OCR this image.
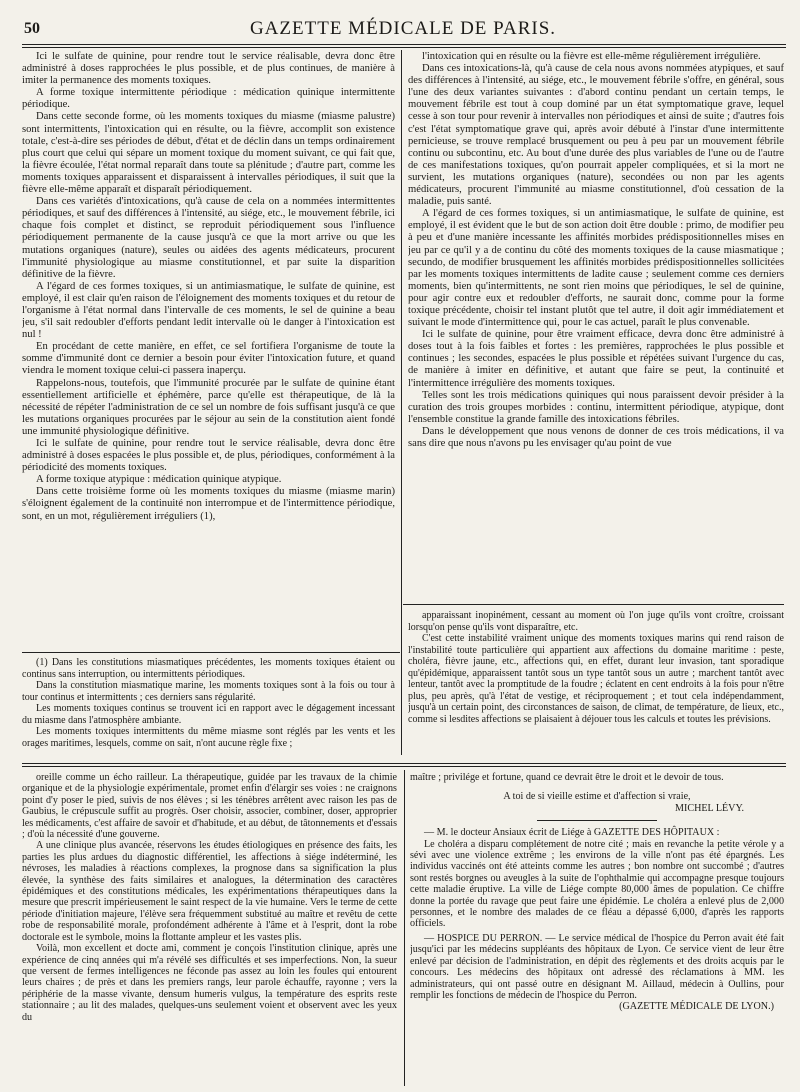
50	GAZETTE MÉDICALE DE PARIS.

Ici le sulfate de quinine, pour rendre tout le service réalisable, devra donc être administré à doses rapprochées le plus possible, et de plus continues, de manière à imiter la permanence des moments toxiques.

A forme toxique intermittente périodique : médication quinique intermittente périodique.

Dans cette seconde forme, où les moments toxiques du miasme (miasme palustre) sont intermittents, l'intoxication qui en résulte, ou la fièvre, accomplit son existence totale, c'est-à-dire ses périodes de début, d'état et de déclin dans un temps ordinairement plus court que celui qui sépare un moment toxique du moment suivant, ce qui fait que, la fièvre écoulée, l'état normal reparaît dans toute sa plénitude ; d'autre part, comme les moments toxiques apparaissent et disparaissent à intervalles périodiques, il suit que la fièvre elle-même apparaît et disparaît périodiquement.

Dans ces variétés d'intoxications, qu'à cause de cela on a nommées intermittentes périodiques, et sauf des différences à l'intensité, au siége, etc., le mouvement fébrile, ici chaque fois complet et distinct, se reproduit périodiquement sous l'influence périodiquement permanente de la cause jusqu'à ce que la mort arrive ou que les mutations organiques (nature), seules ou aidées des agents médicateurs, procurent l'immunité physiologique au miasme constitutionnel, et par suite la disparition définitive de la fièvre.

A l'égard de ces formes toxiques, si un antimiasmatique, le sulfate de quinine, est employé, il est clair qu'en raison de l'éloignement des moments toxiques et du retour de l'organisme à l'état normal dans l'intervalle de ces moments, le sel de quinine a beau jeu, s'il sait redoubler d'efforts pendant ledit intervalle où le danger à l'intoxication est nul !

En procédant de cette manière, en effet, ce sel fortifiera l'organisme de toute la somme d'immunité dont ce dernier a besoin pour éviter l'intoxication future, et quand viendra le moment toxique celui-ci passera inaperçu.

Rappelons-nous, toutefois, que l'immunité procurée par le sulfate de quinine étant essentiellement artificielle et éphémère, parce qu'elle est thérapeutique, de là la nécessité de répéter l'administration de ce sel un nombre de fois suffisant jusqu'à ce que les mutations organiques procurées par le séjour au sein de la constitution aient fondé une immunité physiologique définitive.

Ici le sulfate de quinine, pour rendre tout le service réalisable, devra donc être administré à doses espacées le plus possible et, de plus, périodiques, conformément à la périodicité des moments toxiques.

A forme toxique atypique : médication quinique atypique.

Dans cette troisième forme où les moments toxiques du miasme (miasme marin) s'éloignent également de la continuité non interrompue et de l'intermittence périodique, sont, en un mot, régulièrement irréguliers (1),

l'intoxication qui en résulte ou la fièvre est elle-même régulièrement irrégulière.

Dans ces intoxications-là, qu'à cause de cela nous avons nommées atypiques, et sauf des différences à l'intensité, au siége, etc., le mouvement fébrile s'offre, en général, sous l'une des deux variantes suivantes : d'abord continu pendant un certain temps, le mouvement fébrile est tout à coup dominé par un état symptomatique grave, lequel cesse à son tour pour revenir à intervalles non périodiques et ainsi de suite ; d'autres fois c'est l'état symptomatique grave qui, après avoir débuté à l'instar d'une intermittente pernicieuse, se trouve remplacé brusquement ou peu à peu par un mouvement fébrile continu ou subcontinu, etc. Au bout d'une durée des plus variables de l'une ou de l'autre de ces manifestations toxiques, qu'on pourrait appeler compliquées, et si la mort ne survient, les mutations organiques (nature), secondées ou non par les agents médicateurs, procurent l'immunité au miasme constitutionnel, d'où cessation de la maladie, puis santé.

A l'égard de ces formes toxiques, si un antimiasmatique, le sulfate de quinine, est employé, il est évident que le but de son action doit être double : primo, de modifier peu à peu et d'une manière incessante les affinités morbides prédispositionnelles mises en jeu par ce qu'il y a de continu du côté des moments toxiques de la cause miasmatique ; secundo, de modifier brusquement les affinités morbides prédispositionnelles sollicitées par les moments toxiques intermittents de ladite cause ; seulement comme ces derniers moments, bien qu'intermittents, ne sont rien moins que périodiques, le sel de quinine, pour agir contre eux et redoubler d'efforts, ne saurait donc, comme pour la forme toxique précédente, choisir tel instant plutôt que tel autre, il doit agir immédiatement et suivant le mode d'intermittence qui, pour le cas actuel, paraît le plus convenable.

Ici le sulfate de quinine, pour être vraiment efficace, devra donc être administré à doses tout à la fois faibles et fortes : les premières, rapprochées le plus possible et continues ; les secondes, espacées le plus possible et répétées suivant l'urgence du cas, de manière à imiter en définitive, et autant que faire se peut, la continuité et l'intermittence irrégulière des moments toxiques.

Telles sont les trois médications quiniques qui nous paraissent devoir présider à la curation des trois groupes morbides : continu, intermittent périodique, atypique, dont l'ensemble constitue la grande famille des intoxications fébriles.

Dans le développement que nous venons de donner de ces trois médications, il va sans dire que nous n'avons pu les envisager qu'au point de vue

(1) Dans les constitutions miasmatiques précédentes, les moments toxiques étaient ou continus sans interruption, ou intermittents périodiques.

Dans la constitution miasmatique marine, les moments toxiques sont à la fois ou tour à tour continus et intermittents ; ces derniers sans régularité.

Les moments toxiques continus se trouvent ici en rapport avec le dégagement incessant du miasme dans l'atmosphère ambiante.

Les moments toxiques intermittents du même miasme sont réglés par les vents et les orages maritimes, lesquels, comme on sait, n'ont aucune règle fixe ;

apparaissant inopinément, cessant au moment où l'on juge qu'ils vont croître, croissant lorsqu'on pense qu'ils vont disparaître, etc.

C'est cette instabilité vraiment unique des moments toxiques marins qui rend raison de l'instabilité toute particulière qui appartient aux affections du domaine maritime : peste, choléra, fièvre jaune, etc., affections qui, en effet, durant leur invasion, tant sporadique qu'épidémique, apparaissent tantôt sous un type tantôt sous un autre ; marchent tantôt avec lenteur, tantôt avec la promptitude de la foudre ; éclatent en cent endroits à la fois pour n'être plus, peu après, qu'à l'état de vestige, et réciproquement ; et tout cela indépendamment, jusqu'à un certain point, des circonstances de saison, de climat, de température, de lieux, etc., comme si lesdites affections se plaisaient à déjouer tous les calculs et toutes les prévisions.

oreille comme un écho railleur. La thérapeutique, guidée par les travaux de la chimie organique et de la physiologie expérimentale, promet enfin d'élargir ses voies : ne craignons point d'y poser le pied, suivis de nos élèves ; si les ténèbres arrêtent avec raison les pas de Gaubius, le crépuscule suffit au progrès. Oser choisir, associer, combiner, doser, approprier les médicaments, c'est affaire de savoir et d'habitude, et au début, de tâtonnements et d'essais ; d'où la nécessité d'une gouverne.

A une clinique plus avancée, réservons les études étiologiques en présence des faits, les parties les plus ardues du diagnostic différentiel, les affections à siége indéterminé, les névroses, les maladies à réactions complexes, la prognose dans sa signification la plus élevée, la synthèse des faits similaires et analogues, la détermination des caractères épidémiques et des constitutions médicales, les expérimentations thérapeutiques dans la mesure que prescrit impérieusement le saint respect de la vie humaine. Vers le terme de cette période d'initiation majeure, l'élève sera fréquemment substitué au maître et revêtu de cette robe de responsabilité morale, profondément adhérente à l'âme et à l'esprit, dont la robe doctorale est le symbole, moins la flottante ampleur et les vastes plis.

Voilà, mon excellent et docte ami, comment je conçois l'institution clinique, après une expérience de cinq années qui m'a révélé ses difficultés et ses imperfections. Non, la sueur que versent de fermes intelligences ne féconde pas assez au loin les foules qui entourent leurs chaires ; de près et dans les premiers rangs, leur parole échauffe, rayonne ; vers la périphérie de la masse vivante, densum humeris vulgus, la température des esprits reste stationnaire ; au lit des malades, quelques-uns seulement voient et observent avec les yeux du

maître ; privilége et fortune, quand ce devrait être le droit et le devoir de tous.

A toi de si vieille estime et d'affection si vraie,

MICHEL LÉVY.

— M. le docteur Ansiaux écrit de Liége à GAZETTE DES HÔPITAUX :

Le choléra a disparu complétement de notre cité ; mais en revanche la petite vérole y a sévi avec une violence extrême ; les environs de la ville n'ont pas été épargnés. Les individus vaccinés ont été atteints comme les autres ; bon nombre ont succombé ; d'autres sont restés borgnes ou aveugles à la suite de l'ophthalmie qui accompagne presque toujours cette maladie éruptive. La ville de Liége compte 80,000 âmes de population. Ce chiffre donne la portée du ravage que peut faire une épidémie. Le choléra a enlevé plus de 2,000 personnes, et le nombre des malades de ce fléau a dépassé 6,000, d'après les rapports officiels.

— HOSPICE DU PERRON. — Le service médical de l'hospice du Perron avait été fait jusqu'ici par les médecins suppléants des hôpitaux de Lyon. Ce service vient de leur être enlevé par décision de l'administration, en dépit des règlements et des droits acquis par le concours. Les médecins des hôpitaux ont adressé des réclamations à MM. les administrateurs, qui ont passé outre en désignant M. Aillaud, médecin à Oullins, pour remplir les fonctions de médecin de l'hospice du Perron.

(GAZETTE MÉDICALE DE LYON.)
